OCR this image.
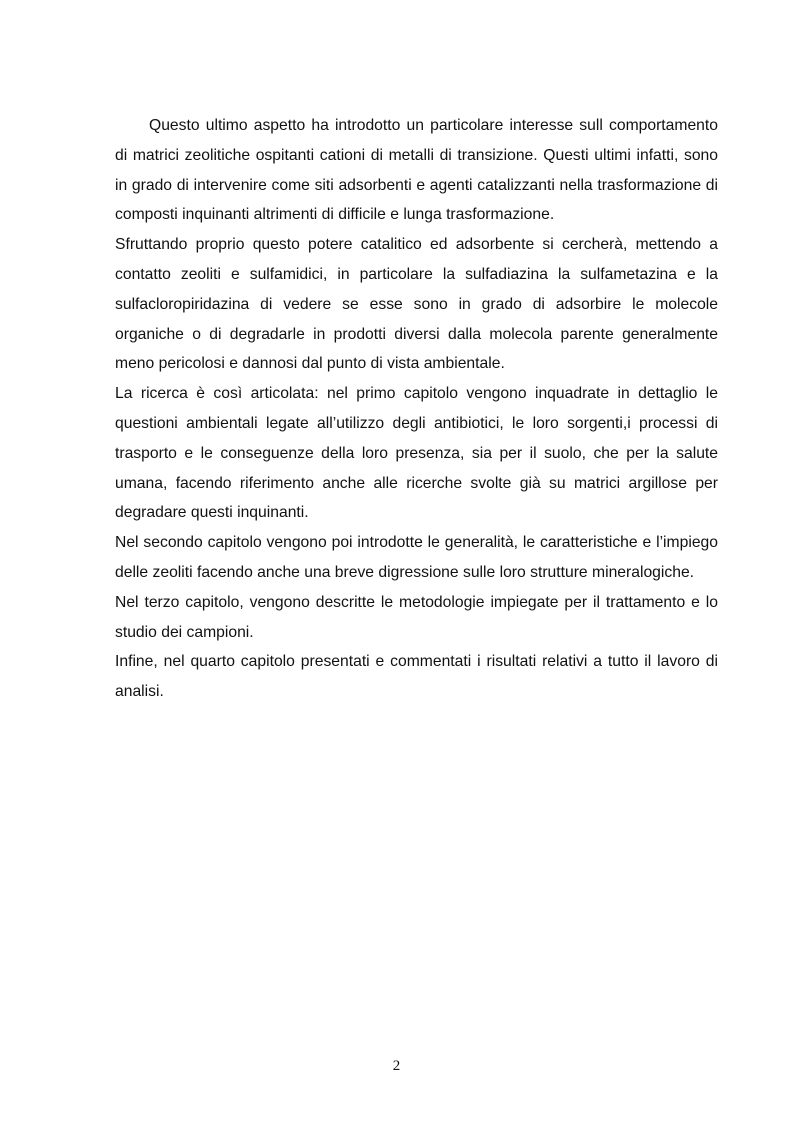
Questo ultimo aspetto ha introdotto un particolare interesse sull comportamento di matrici zeolitiche ospitanti cationi di metalli di transizione. Questi ultimi infatti, sono in grado di intervenire come siti adsorbenti e agenti catalizzanti nella trasformazione di composti inquinanti altrimenti di difficile e lunga trasformazione.

Sfruttando proprio questo potere catalitico ed adsorbente si cercherà, mettendo a contatto zeoliti e sulfamidici, in particolare la sulfadiazina la sulfametazina e la sulfacloropiridazina di vedere se esse sono in grado di adsorbire le molecole organiche o di degradarle in prodotti diversi dalla molecola parente generalmente meno pericolosi e dannosi dal punto di vista ambientale.

La ricerca è così articolata: nel primo capitolo vengono inquadrate in dettaglio le questioni ambientali legate all’utilizzo degli antibiotici, le loro sorgenti,i processi di trasporto e le conseguenze della loro presenza, sia per il suolo, che per la salute umana, facendo riferimento anche alle ricerche svolte già su matrici argillose per degradare questi inquinanti.

Nel secondo capitolo vengono poi introdotte le generalità, le caratteristiche e l’impiego delle zeoliti facendo anche una breve digressione sulle loro strutture mineralogiche.

Nel terzo capitolo, vengono descritte le metodologie impiegate per il trattamento e lo studio dei campioni.

Infine, nel quarto capitolo presentati e commentati i risultati relativi a tutto il lavoro di analisi.

2
